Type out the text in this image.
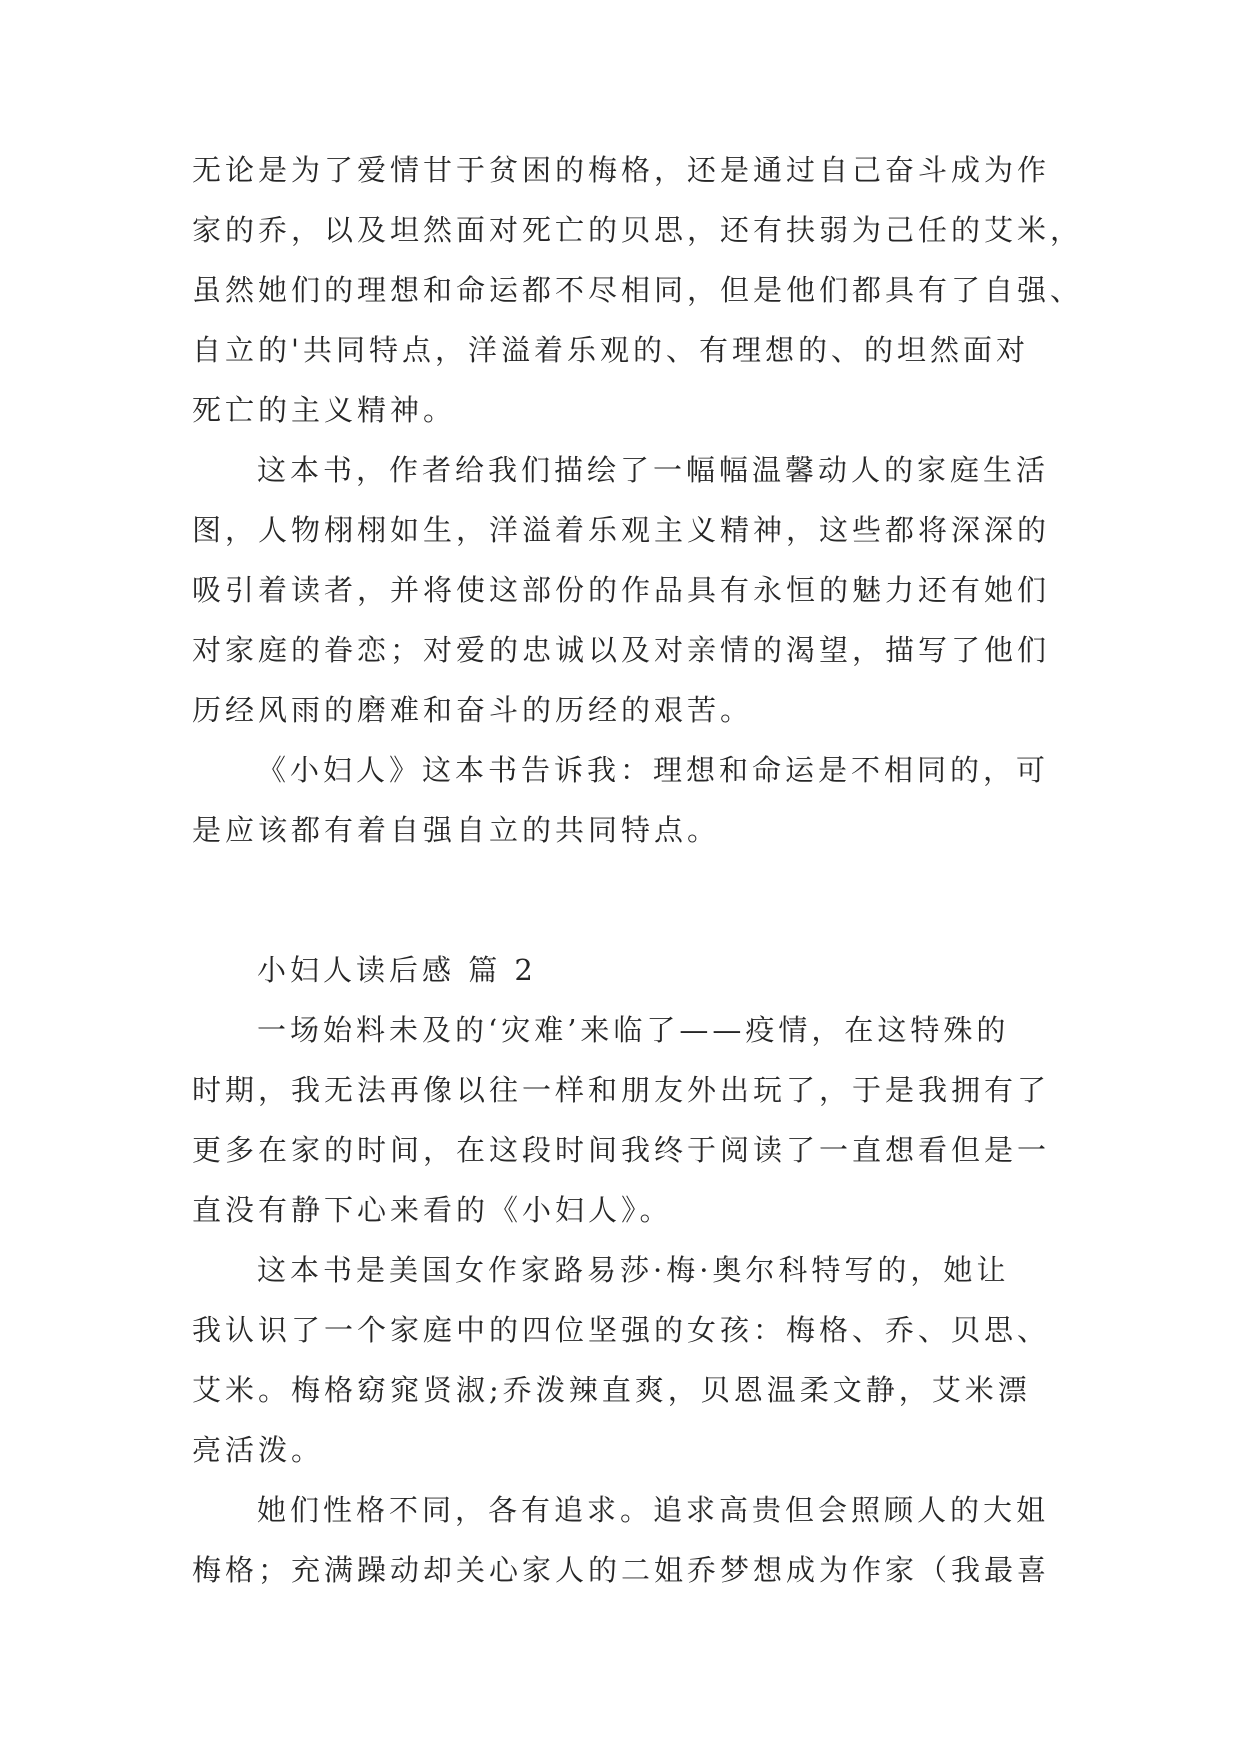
无论是为了爱情甘于贫困的梅格，还是通过自己奋斗成为作
家的乔，以及坦然面对死亡的贝思，还有扶弱为己任的艾米，
虽然她们的理想和命运都不尽相同，但是他们都具有了自强、
自立的'共同特点，洋溢着乐观的、有理想的、的坦然面对
死亡的主义精神。
这本书，作者给我们描绘了一幅幅温馨动人的家庭生活
图，人物栩栩如生，洋溢着乐观主义精神，这些都将深深的
吸引着读者，并将使这部份的作品具有永恒的魅力还有她们
对家庭的眷恋；对爱的忠诚以及对亲情的渴望，描写了他们
历经风雨的磨难和奋斗的历经的艰苦。
《小妇人》这本书告诉我：理想和命运是不相同的，可
是应该都有着自强自立的共同特点。
小妇人读后感 篇 2
一场始料未及的‘灾难’来临了——疫情，在这特殊的
时期，我无法再像以往一样和朋友外出玩了，于是我拥有了
更多在家的时间，在这段时间我终于阅读了一直想看但是一
直没有静下心来看的《小妇人》。
这本书是美国女作家路易莎·梅·奥尔科特写的，她让
我认识了一个家庭中的四位坚强的女孩：梅格、乔、贝思、
艾米。梅格窈窕贤淑;乔泼辣直爽，贝恩温柔文静，艾米漂
亮活泼。
她们性格不同，各有追求。追求高贵但会照顾人的大姐
梅格；充满躁动却关心家人的二姐乔梦想成为作家（我最喜
